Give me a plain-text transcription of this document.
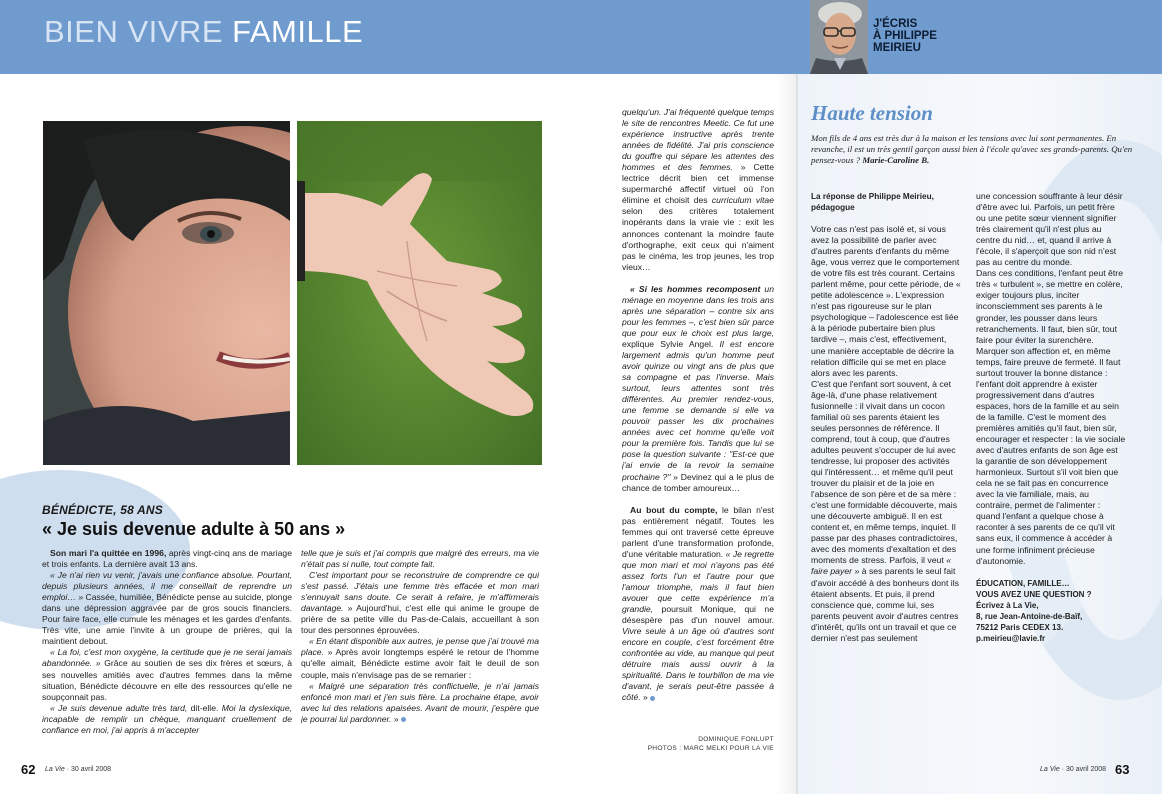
BIEN VIVRE FAMILLE	J'ÉCRIS
À PHILIPPE
MEIRIEU
BÉNÉDICTE, 58 ANS
« Je suis devenue adulte à 50 ans »

Son mari l'a quittée en 1996, après vingt-cinq ans de mariage et trois enfants. La dernière avait 13 ans.

« Je n'ai rien vu venir, j'avais une confiance absolue. Pourtant, depuis plusieurs années, il me conseillait de reprendre un emploi… » Cassée, humiliée, Bénédicte pense au suicide, plonge dans une dépression aggravée par de gros soucis financiers. Pour faire face, elle cumule les ménages et les gardes d'enfants. Très vite, une amie l'invite à un groupe de prières, qui la maintient debout.

« La foi, c'est mon oxygène, la certitude que je ne serai jamais abandonnée. » Grâce au soutien de ses dix frères et sœurs, à ses nouvelles amitiés avec d'autres femmes dans la même situation, Bénédicte découvre en elle des ressources qu'elle ne soupçonnait pas.

« Je suis devenue adulte très tard, dit-elle. Moi la dyslexique, incapable de remplir un chèque, manquant cruellement de confiance en moi, j'ai appris à m'accepter

telle que je suis et j'ai compris que malgré des erreurs, ma vie n'était pas si nulle, tout compte fait.

C'est important pour se reconstruire de comprendre ce qui s'est passé. J'étais une femme très effacée et mon mari s'ennuyait sans doute. Ce serait à refaire, je m'affirmerais davantage. » Aujourd'hui, c'est elle qui anime le groupe de prière de sa petite ville du Pas-de-Calais, accueillant à son tour des personnes éprouvées.

« En étant disponible aux autres, je pense que j'ai trouvé ma place. » Après avoir longtemps espéré le retour de l'homme qu'elle aimait, Bénédicte estime avoir fait le deuil de son couple, mais n'envisage pas de se remarier :

« Malgré une séparation très conflictuelle, je n'ai jamais enfoncé mon mari et j'en suis fière. La prochaine étape, avoir avec lui des relations apaisées. Avant de mourir, j'espère que je pourrai lui pardonner. »

quelqu'un. J'ai fréquenté quelque temps le site de rencontres Meetic. Ce fut une expérience instructive après trente années de fidélité. J'ai pris conscience du gouffre qui sépare les attentes des hommes et des femmes. » Cette lectrice décrit bien cet immense supermarché affectif virtuel où l'on élimine et choisit des curriculum vitae selon des critères totalement inopérants dans la vraie vie : exit les annonces contenant la moindre faute d'orthographe, exit ceux qui n'aiment pas le cinéma, les trop jeunes, les trop vieux…

« Si les hommes recomposent un ménage en moyenne dans les trois ans après une séparation – contre six ans pour les femmes –, c'est bien sûr parce que pour eux le choix est plus large, explique Sylvie Angel. Il est encore largement admis qu'un homme peut avoir quinze ou vingt ans de plus que sa compagne et pas l'inverse. Mais surtout, leurs attentes sont très différentes. Au premier rendez-vous, une femme se demande si elle va pouvoir passer les dix prochaines années avec cet homme qu'elle voit pour la première fois. Tandis que lui se pose la question suivante : "Est-ce que j'ai envie de la revoir la semaine prochaine ?" » Devinez qui a le plus de chance de tomber amoureux…

Au bout du compte, le bilan n'est pas entièrement négatif. Toutes les femmes qui ont traversé cette épreuve parlent d'une transformation profonde, d'une véritable maturation. « Je regrette que mon mari et moi n'ayons pas été assez forts l'un et l'autre pour que l'amour triomphe, mais il faut bien avouer que cette expérience m'a grandie, poursuit Monique, qui ne désespère pas d'un nouvel amour. Vivre seule à un âge où d'autres sont encore en couple, c'est forcément être confrontée au vide, au manque qui peut détruire mais aussi ouvrir à la spiritualité. Dans le tourbillon de ma vie d'avant, je serais peut-être passée à côté. »

DOMINIQUE FONLUPT
PHOTOS : MARC MELKI POUR LA VIE
Haute tension
Mon fils de 4 ans est très dur à la maison et les tensions avec lui sont permanentes. En revanche, il est un très gentil garçon aussi bien à l'école qu'avec ses grands-parents. Qu'en pensez-vous ? Marie-Caroline B.

La réponse de Philippe Meirieu, pédagogue

Votre cas n'est pas isolé et, si vous avez la possibilité de parler avec d'autres parents d'enfants du même âge, vous verrez que le comportement de votre fils est très courant. Certains parlent même, pour cette période, de « petite adolescence ». L'expression n'est pas rigoureuse sur le plan psychologique – l'adolescence est liée à la période pubertaire bien plus tardive –, mais c'est, effectivement, une manière acceptable de décrire la relation difficile qui se met en place alors avec les parents.

C'est que l'enfant sort souvent, à cet âge-là, d'une phase relativement fusionnelle : il vivait dans un cocon familial où ses parents étaient les seules personnes de référence. Il comprend, tout à coup, que d'autres adultes peuvent s'occuper de lui avec tendresse, lui proposer des activités qui l'intéressent… et même qu'il peut trouver du plaisir et de la joie en l'absence de son père et de sa mère : c'est une formidable découverte, mais une découverte ambiguë. Il en est content et, en même temps, inquiet. Il passe par des phases contradictoires, avec des moments d'exaltation et des moments de stress. Parfois, il veut « faire payer » à ses parents le seul fait d'avoir accédé à des bonheurs dont ils étaient absents. Et puis, il prend conscience que, comme lui, ses parents peuvent avoir d'autres centres d'intérêt, qu'ils ont un travail et que ce dernier n'est pas seulement

une concession souffrante à leur désir d'être avec lui. Parfois, un petit frère ou une petite sœur viennent signifier très clairement qu'il n'est plus au centre du nid… et, quand il arrive à l'école, il s'aperçoit que son nid n'est pas au centre du monde.

Dans ces conditions, l'enfant peut être très « turbulent », se mettre en colère, exiger toujours plus, inciter inconsciemment ses parents à le gronder, les pousser dans leurs retranchements. Il faut, bien sûr, tout faire pour éviter la surenchère. Marquer son affection et, en même temps, faire preuve de fermeté. Il faut surtout trouver la bonne distance : l'enfant doit apprendre à exister progressivement dans d'autres espaces, hors de la famille et au sein de la famille. C'est le moment des premières amitiés qu'il faut, bien sûr, encourager et respecter : la vie sociale avec d'autres enfants de son âge est la garantie de son développement harmonieux. Surtout s'il voit bien que cela ne se fait pas en concurrence avec la vie familiale, mais, au contraire, permet de l'alimenter : quand l'enfant a quelque chose à raconter à ses parents de ce qu'il vit sans eux, il commence à accéder à une forme infiniment précieuse d'autonomie.

ÉDUCATION, FAMILLE…
VOUS AVEZ UNE QUESTION ?
Écrivez à La Vie,
8, rue Jean-Antoine-de-Baïf,
75212 Paris CEDEX 13.
p.meirieu@lavie.fr
62 La Vie · 30 avril 2008	La Vie · 30 avril 2008 63
